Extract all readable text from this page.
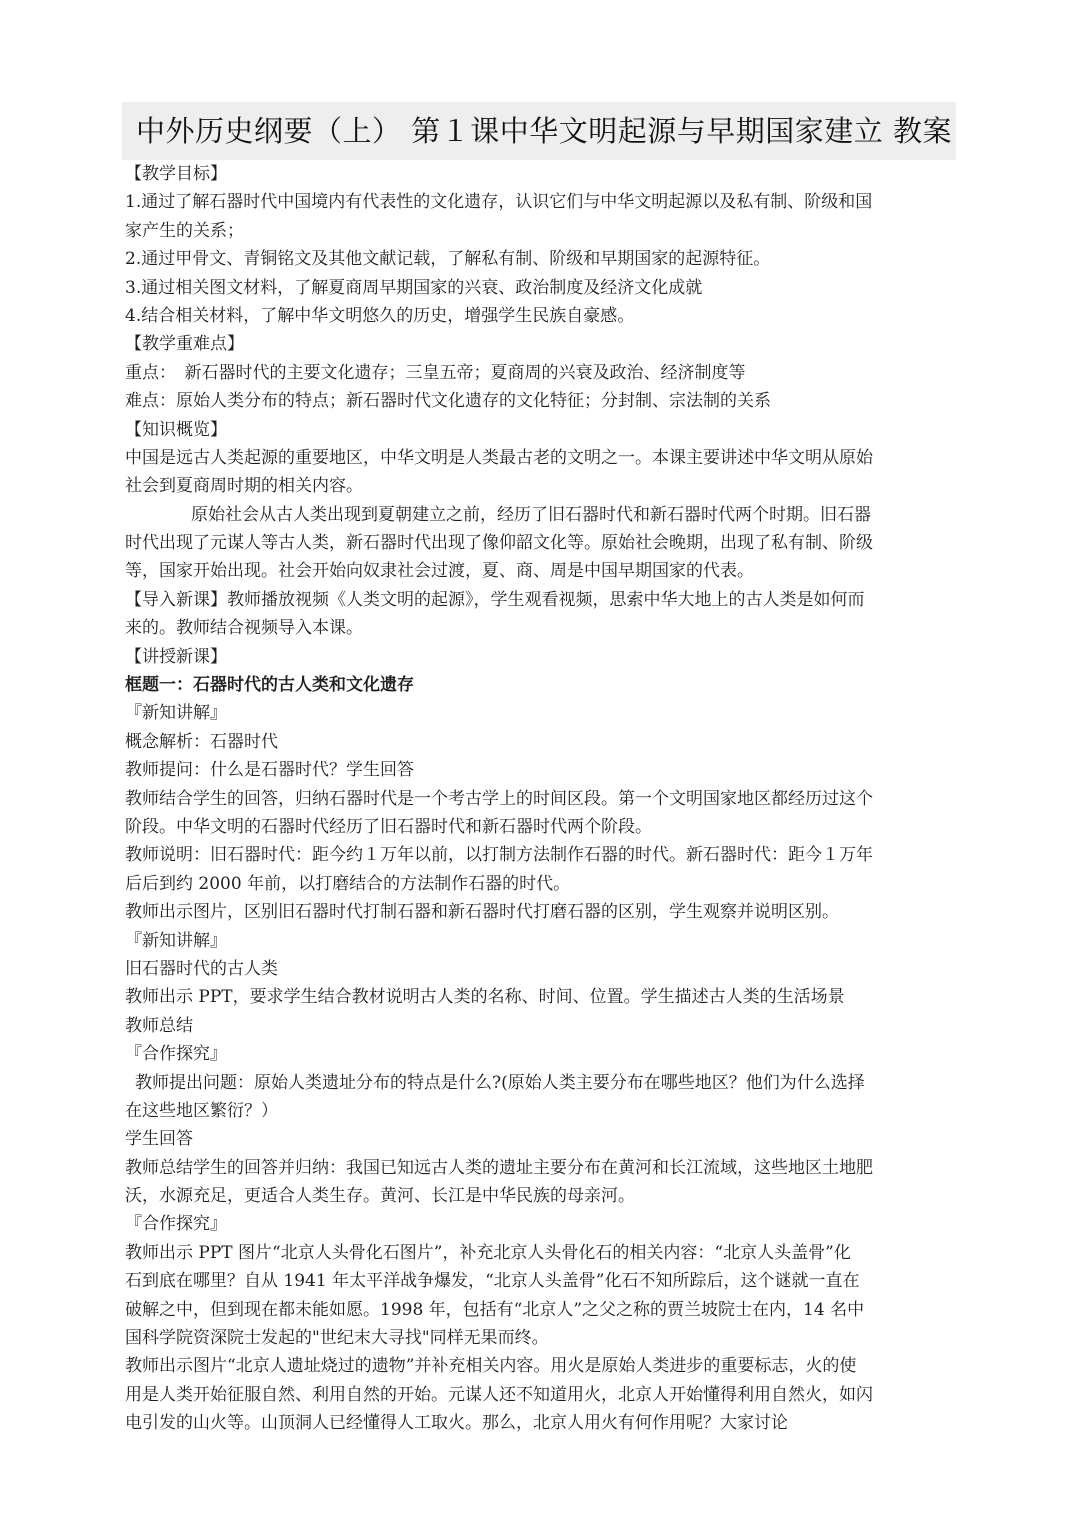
中外历史纲要（上） 第１课中华文明起源与早期国家建立 教案
【教学目标】
1.通过了解石器时代中国境内有代表性的文化遗存，认识它们与中华文明起源以及私有制、阶级和国
家产生的关系；
2.通过甲骨文、青铜铭文及其他文献记载，了解私有制、阶级和早期国家的起源特征。
3.通过相关图文材料，了解夏商周早期国家的兴衰、政治制度及经济文化成就
4.结合相关材料，了解中华文明悠久的历史，增强学生民族自豪感。
【教学重难点】
重点：　新石器时代的主要文化遗存；三皇五帝；夏商周的兴衰及政治、经济制度等
难点：原始人类分布的特点；新石器时代文化遗存的文化特征；分封制、宗法制的关系
【知识概览】
中国是远古人类起源的重要地区，中华文明是人类最古老的文明之一。本课主要讲述中华文明从原始
社会到夏商周时期的相关内容。
原始社会从古人类出现到夏朝建立之前，经历了旧石器时代和新石器时代两个时期。旧石器
时代出现了元谋人等古人类，新石器时代出现了像仰韶文化等。原始社会晚期，出现了私有制、阶级
等，国家开始出现。社会开始向奴隶社会过渡，夏、商、周是中国早期国家的代表。
【导入新课】教师播放视频《人类文明的起源》，学生观看视频，思索中华大地上的古人类是如何而
来的。教师结合视频导入本课。
【讲授新课】
框题一：石器时代的古人类和文化遗存
『新知讲解』
概念解析：石器时代
教师提问：什么是石器时代？学生回答
教师结合学生的回答，归纳石器时代是一个考古学上的时间区段。第一个文明国家地区都经历过这个
阶段。中华文明的石器时代经历了旧石器时代和新石器时代两个阶段。
教师说明：旧石器时代：距今约１万年以前，以打制方法制作石器的时代。新石器时代：距今１万年
后后到约 2000 年前，以打磨结合的方法制作石器的时代。
教师出示图片，区别旧石器时代打制石器和新石器时代打磨石器的区别，学生观察并说明区别。
『新知讲解』
旧石器时代的古人类
教师出示 PPT，要求学生结合教材说明古人类的名称、时间、位置。学生描述古人类的生活场景
教师总结
『合作探究』
教师提出问题：原始人类遗址分布的特点是什么?(原始人类主要分布在哪些地区？他们为什么选择
在这些地区繁衍？）
学生回答
教师总结学生的回答并归纳：我国已知远古人类的遗址主要分布在黄河和长江流域，这些地区土地肥
沃，水源充足，更适合人类生存。黄河、长江是中华民族的母亲河。
『合作探究』
教师出示 PPT 图片“北京人头骨化石图片”，补充北京人头骨化石的相关内容：“北京人头盖骨”化
石到底在哪里？自从 1941 年太平洋战争爆发，“北京人头盖骨”化石不知所踪后，这个谜就一直在
破解之中，但到现在都未能如愿。1998 年，包括有“北京人”之父之称的贾兰坡院士在内，14 名中
国科学院资深院士发起的"世纪末大寻找"同样无果而终。
教师出示图片“北京人遗址烧过的遗物”并补充相关内容。用火是原始人类进步的重要标志，火的使
用是人类开始征服自然、利用自然的开始。元谋人还不知道用火，北京人开始懂得利用自然火，如闪
电引发的山火等。山顶洞人已经懂得人工取火。那么，北京人用火有何作用呢？大家讨论
